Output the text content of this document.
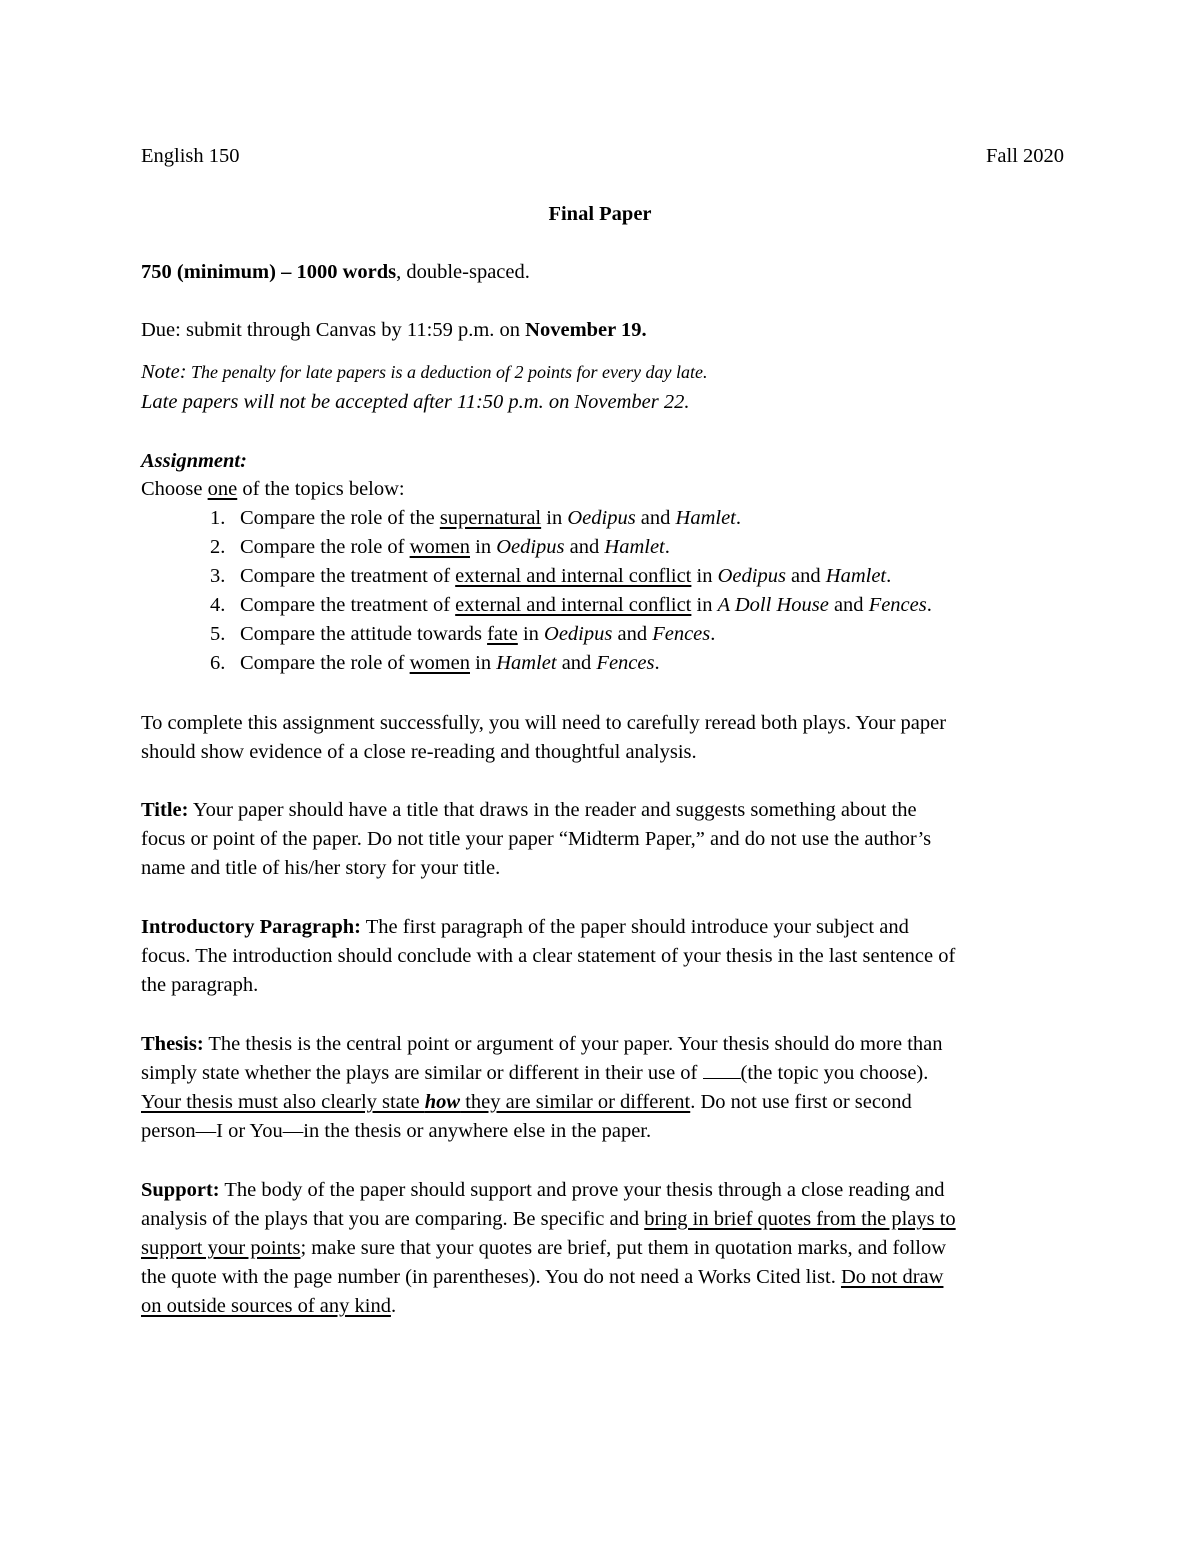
English 150	Fall 2020
Final Paper
750 (minimum) – 1000 words, double-spaced.
Due: submit through Canvas by 11:59 p.m. on November 19.
Note: The penalty for late papers is a deduction of 2 points for every day late.
Late papers will not be accepted after 11:50 p.m. on November 22.
Assignment:
Choose one of the topics below:
1. Compare the role of the supernatural in Oedipus and Hamlet.
2. Compare the role of women in Oedipus and Hamlet.
3. Compare the treatment of external and internal conflict in Oedipus and Hamlet.
4. Compare the treatment of external and internal conflict in A Doll House and Fences.
5. Compare the attitude towards fate in Oedipus and Fences.
6. Compare the role of women in Hamlet and Fences.
To complete this assignment successfully, you will need to carefully reread both plays. Your paper
should show evidence of a close re-reading and thoughtful analysis.
Title: Your paper should have a title that draws in the reader and suggests something about the
focus or point of the paper. Do not title your paper “Midterm Paper,” and do not use the author’s
name and title of his/her story for your title.
Introductory Paragraph: The first paragraph of the paper should introduce your subject and
focus. The introduction should conclude with a clear statement of your thesis in the last sentence of
the paragraph.
Thesis: The thesis is the central point or argument of your paper. Your thesis should do more than
simply state whether the plays are similar or different in their use of (the topic you choose).
Your thesis must also clearly state how they are similar or different. Do not use first or second
person—I or You—in the thesis or anywhere else in the paper.
Support: The body of the paper should support and prove your thesis through a close reading and
analysis of the plays that you are comparing. Be specific and bring in brief quotes from the plays to
support your points; make sure that your quotes are brief, put them in quotation marks, and follow
the quote with the page number (in parentheses). You do not need a Works Cited list. Do not draw
on outside sources of any kind.
